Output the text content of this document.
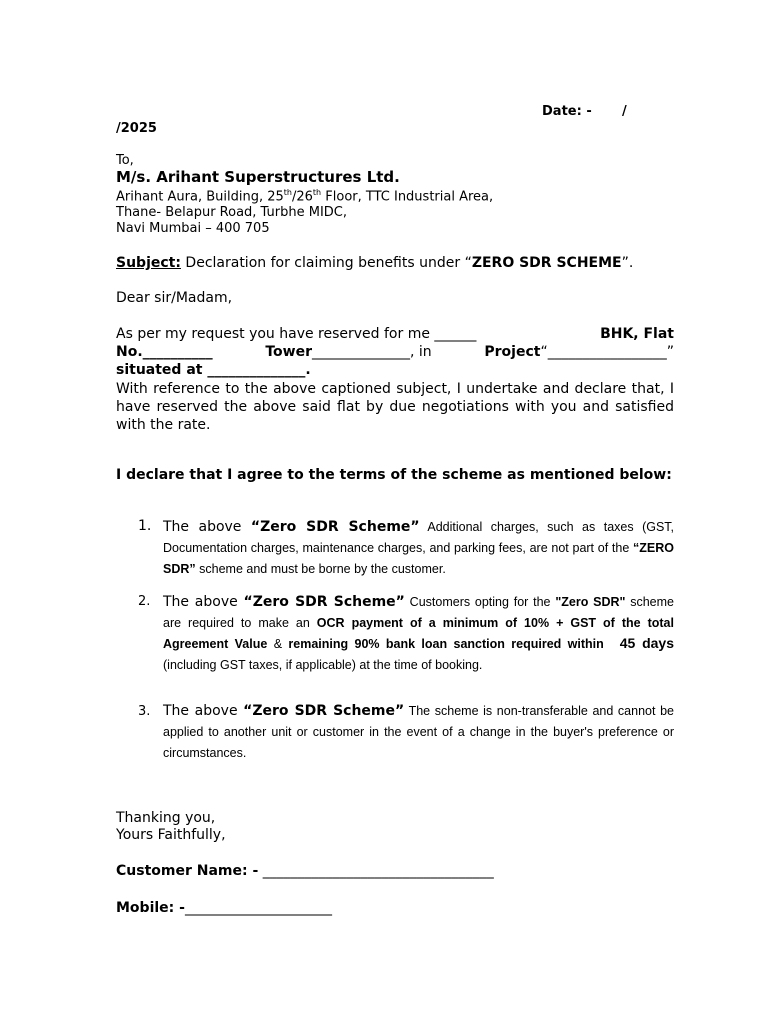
Date: - /
/2025
To,
M/s. Arihant Superstructures Ltd.
Arihant Aura, Building, 25th/26th Floor, TTC Industrial Area,
Thane- Belapur Road, Turbhe MIDC,
Navi Mumbai – 400 705
Subject: Declaration for claiming benefits under “ZERO SDR SCHEME”.
Dear sir/Madam,
As per my request you have reserved for me ______	BHK, Flat
No.__________	Tower______________, in	Project“_________________”
situated at ______________.
With reference to the above captioned subject, I undertake and declare that, I have reserved the above said flat by due negotiations with you and satisfied with the rate.
I declare that I agree to the terms of the scheme as mentioned below:
1. The above “Zero SDR Scheme” Additional charges, such as taxes (GST, Documentation charges, maintenance charges, and parking fees, are not part of the “ZERO SDR” scheme and must be borne by the customer.
2. The above “Zero SDR Scheme” Customers opting for the "Zero SDR" scheme are required to make an OCR payment of a minimum of 10% + GST of the total Agreement Value & remaining 90% bank loan sanction required within 45 days (including GST taxes, if applicable) at the time of booking.
3. The above “Zero SDR Scheme” The scheme is non-transferable and cannot be applied to another unit or customer in the event of a change in the buyer's preference or circumstances.
Thanking you,
Yours Faithfully,
Customer Name: - _________________________________
Mobile: -_____________________
